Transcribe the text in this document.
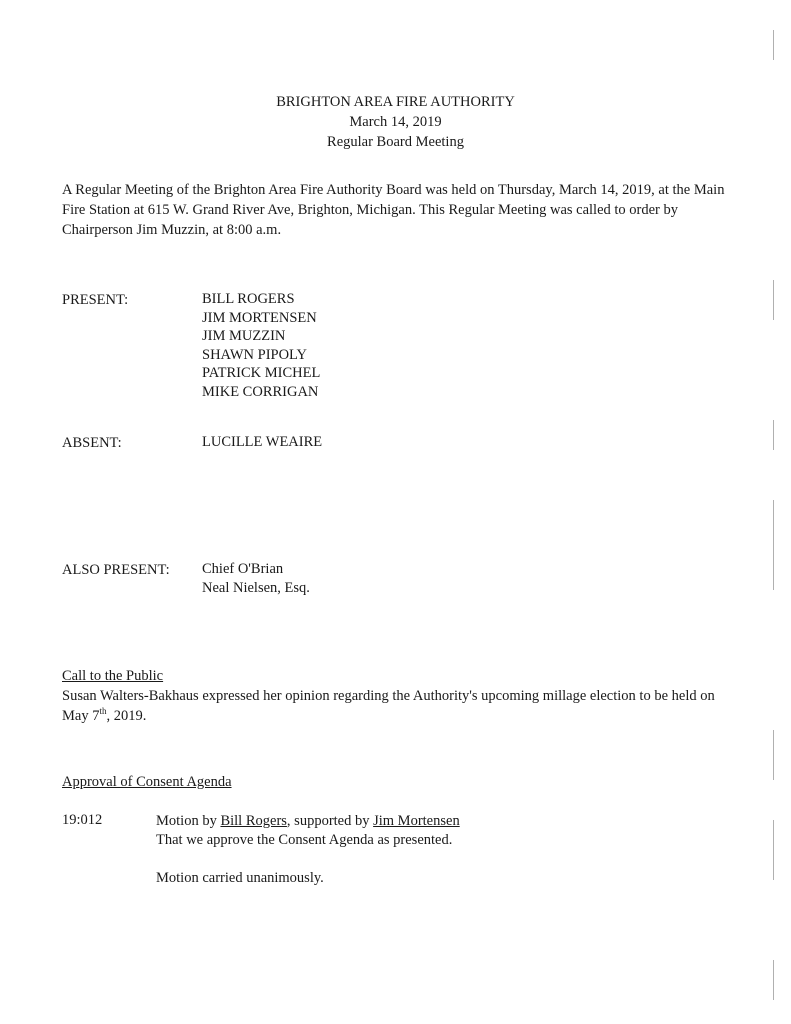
BRIGHTON AREA FIRE AUTHORITY
March 14, 2019
Regular Board Meeting
A Regular Meeting of the Brighton Area Fire Authority Board was held on Thursday, March 14, 2019, at the Main Fire Station at 615 W. Grand River Ave, Brighton, Michigan. This Regular Meeting was called to order by Chairperson Jim Muzzin, at 8:00 a.m.
PRESENT:	BILL ROGERS
JIM MORTENSEN
JIM MUZZIN
SHAWN PIPOLY
PATRICK MICHEL
MIKE CORRIGAN
ABSENT:	LUCILLE WEAIRE
ALSO PRESENT: Chief O'Brian
Neal Nielsen, Esq.
Call to the Public
Susan Walters-Bakhaus expressed her opinion regarding the Authority's upcoming millage election to be held on May 7th, 2019.
Approval of Consent Agenda
19:012	Motion by Bill Rogers, supported by Jim Mortensen
That we approve the Consent Agenda as presented.
Motion carried unanimously.
